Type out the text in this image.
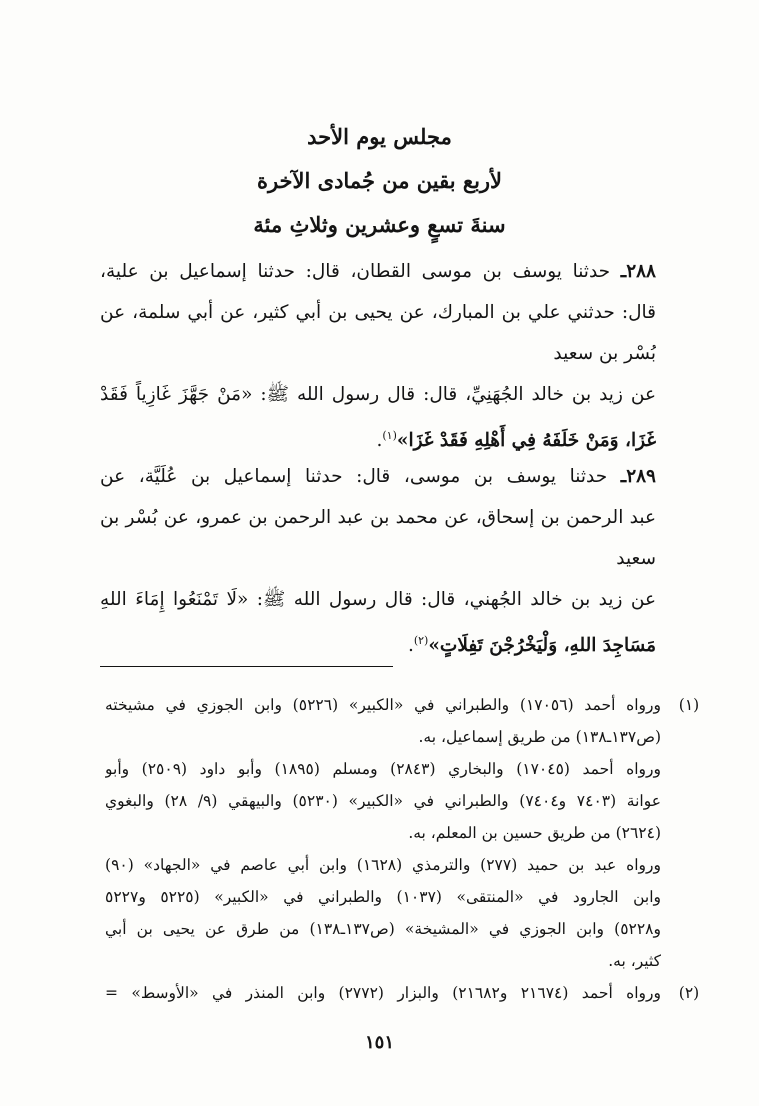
مجلس يوم الأحد
لأربع بقين من جُمادى الآخرة
سنةَ تسعٍ وعشرين وثلاثِ مئة
٢٨٨ـ حدثنا يوسف بن موسى القطان، قال: حدثنا إسماعيل بن علية،
قال: حدثني علي بن المبارك، عن يحيى بن أبي كثير، عن أبي سلمة، عن
بُسْر بن سعيد
عن زيد بن خالد الجُهَنِيِّ، قال: قال رسول الله ﷺ: «مَنْ جَهَّزَ غَازِياً فَقَدْ
غَزَا، وَمَنْ خَلَفَهُ فِي أَهْلِهِ فَقَدْ غَزَا»$^{(١)}$.
٢٨٩ـ حدثنا يوسف بن موسى، قال: حدثنا إسماعيل بن عُلَيَّة، عن
عبد الرحمن بن إسحاق، عن محمد بن عبد الرحمن بن عمرو، عن بُسْر بن
سعيد
عن زيد بن خالد الجُهني، قال: قال رسول الله ﷺ: «لَا تَمْنَعُوا إِمَاءَ اللهِ
مَسَاجِدَ اللهِ، وَلْيَخْرُجْنَ تَفِلَاتٍ»$^{(٢)}$.
(١)
ورواه أحمد (١٧٠٥٦) والطبراني في «الكبير» (٥٢٢٦) وابن الجوزي في مشيخته
(ص١٣٧ـ١٣٨) من طريق إسماعيل، به.
ورواه أحمد (١٧٠٤٥) والبخاري (٢٨٤٣) ومسلم (١٨٩٥) وأبو داود (٢٥٠٩) وأبو
عوانة (٧٤٠٣ و٧٤٠٤) والطبراني في «الكبير» (٥٢٣٠) والبيهقي (٩/ ٢٨) والبغوي
(٢٦٢٤) من طريق حسين بن المعلم، به.
ورواه عبد بن حميد (٢٧٧) والترمذي (١٦٢٨) وابن أبي عاصم في «الجهاد» (٩٠)
وابن الجارود في «المنتقى» (١٠٣٧) والطبراني في «الكبير» (٥٢٢٥ و٥٢٢٧
و٥٢٢٨) وابن الجوزي في «المشيخة» (ص١٣٧ـ١٣٨) من طرق عن يحيى بن أبي
كثير، به.
(٢)
ورواه أحمد (٢١٦٧٤ و٢١٦٨٢) والبزار (٢٧٧٢) وابن المنذر في «الأوسط» =
١٥١
